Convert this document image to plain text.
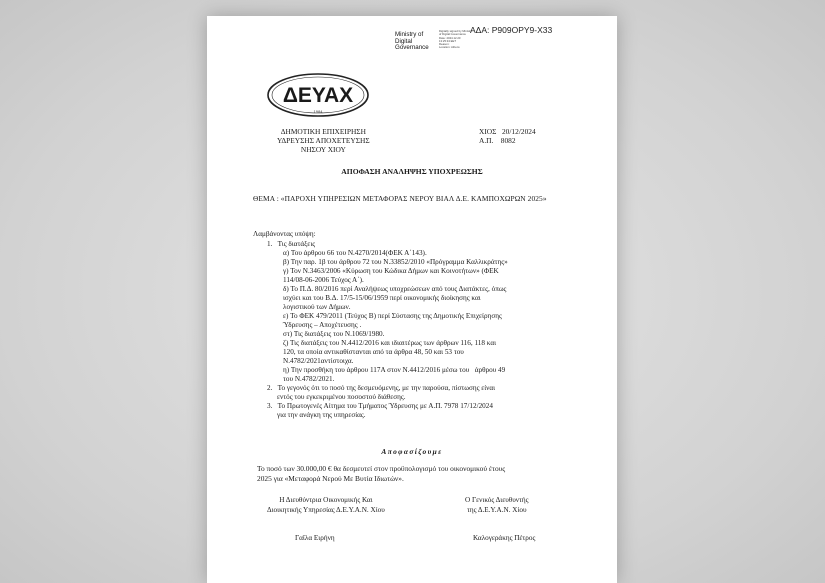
ΑΔΑ: Ρ909ΟΡΥ9-Χ33
Ministry of
Digital
Governance
Digitally signed by Ministry
of Digital Governance
Date: 2024.12.20
13:25:34 EET
Reason:
Location: Athens
ΔΕΥΑΧ
1984
ΔΗΜΟΤΙΚΗ ΕΠΙΧΕΙΡΗΣΗ
ΥΔΡΕΥΣΗΣ ΑΠΟΧΕΤΕΥΣΗΣ
ΝΗΣΟΥ ΧΙΟΥ
ΧΙΟΣ   20/12/2024
Α.Π.    8082
ΑΠΟΦΑΣΗ ΑΝΑΛΗΨΗΣ ΥΠΟΧΡΕΩΣΗΣ
ΘΕΜΑ : «ΠΑΡΟΧΗ ΥΠΗΡΕΣΙΩΝ ΜΕΤΑΦΟΡΑΣ ΝΕΡΟΥ ΒΙΑΛ Δ.Ε. ΚΑΜΠΟΧΩΡΩΝ 2025»
Λαμβάνοντας υπόψη:
1.   Τις διατάξεις
α) Του άρθρου 66 του Ν.4270/2014(ΦΕΚ Α΄143).
β) Την παρ. 1β του άρθρου 72 του Ν.33852/2010 «Πρόγραμμα Καλλικράτης»
γ) Τον Ν.3463/2006 «Κύρωση του Κώδικα Δήμων και Κοινοτήτων» (ΦΕΚ
114/08-06-2006 Τεύχος Α΄).
δ) Το Π.Δ. 80/2016 περί Αναλήψεως υποχρεώσεων από τους Διατάκτες, όπως
ισχύει και του Β.Δ. 17/5-15/06/1959 περί οικονομικής διοίκησης και
λογιστικού των Δήμων.
ε) Το ΦΕΚ 479/2011 (Τεύχος Β) περί Σύστασης της Δημοτικής Επιχείρησης
Ύδρευσης – Αποχέτευσης .
στ) Τις διατάξεις του Ν.1069/1980.
ζ) Τις διατάξεις του Ν.4412/2016 και ιδιαιτέρως των άρθρων 116, 118 και
120, τα οποία αντικαθίστανται από τα άρθρα 48, 50 και 53 του
Ν.4782/2021αντίστοιχα.
η) Την προσθήκη του άρθρου 117Α στον Ν.4412/2016 μέσω του   άρθρου 49
του Ν.4782/2021.
2.   Το γεγονός ότι το ποσό της δεσμευόμενης, με την παρούσα, πίστωσης είναι
εντός του εγκεκριμένου ποσοστού διάθεσης.
3.   Το Πρωτογενές Αίτημα του Τμήματος Ύδρευσης με Α.Π. 7978 17/12/2024
για την ανάγκη της υπηρεσίας.
Αποφασίζουμε
Το ποσό των 30.000,00 € θα δεσμευτεί στον προϋπολογισμό του οικονομικού έτους
2025 για «Μεταφορά Νερού Με Βυτία Ιδιωτών».
Η Διευθύντρια Οικονομικής Και
Διοικητικής Υπηρεσίας Δ.Ε.Υ.Α.Ν. Χίου
Ο Γενικός Διευθυντής
της Δ.Ε.Υ.Α.Ν. Χίου
Γαΐλα Ειρήνη	Καλογεράκης Πέτρος
